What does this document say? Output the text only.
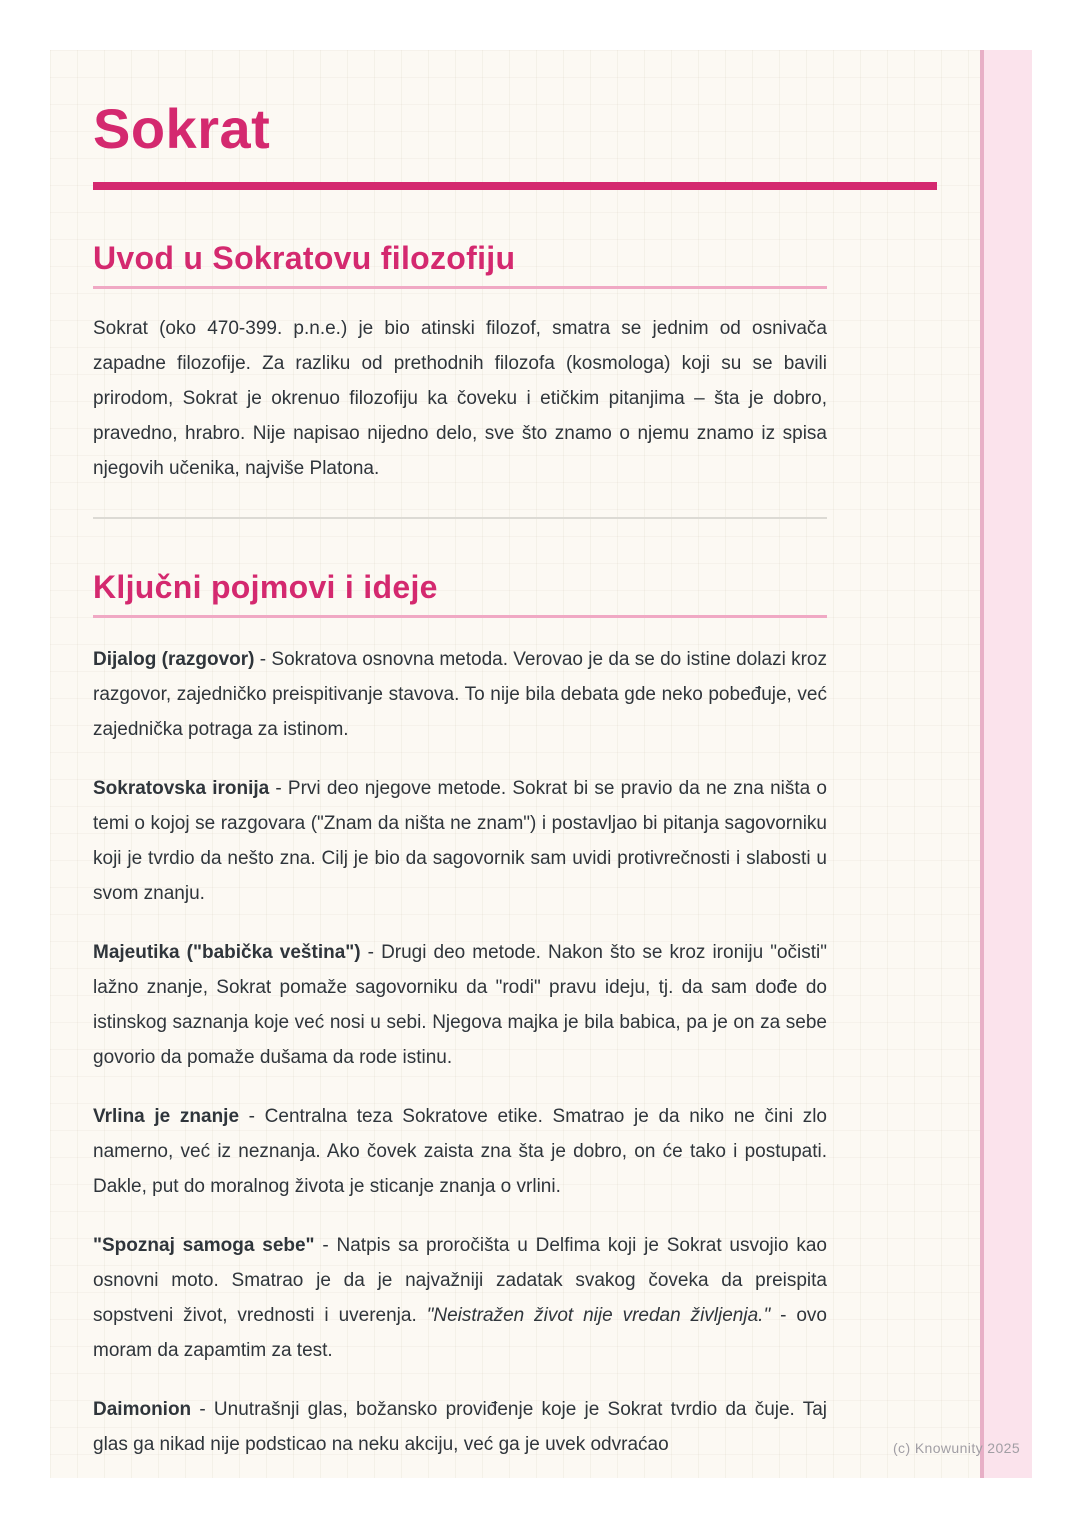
Sokrat
Uvod u Sokratovu filozofiju

Sokrat (oko 470-399. p.n.e.) je bio atinski filozof, smatra se jednim od osnivača zapadne filozofije. Za razliku od prethodnih filozofa (kosmologa) koji su se bavili prirodom, Sokrat je okrenuo filozofiju ka čoveku i etičkim pitanjima – šta je dobro, pravedno, hrabro. Nije napisao nijedno delo, sve što znamo o njemu znamo iz spisa njegovih učenika, najviše Platona.

Ključni pojmovi i ideje

Dijalog (razgovor) - Sokratova osnovna metoda. Verovao je da se do istine dolazi kroz razgovor, zajedničko preispitivanje stavova. To nije bila debata gde neko pobeđuje, već zajednička potraga za istinom.

Sokratovska ironija - Prvi deo njegove metode. Sokrat bi se pravio da ne zna ništa o temi o kojoj se razgovara ("Znam da ništa ne znam") i postavljao bi pitanja sagovorniku koji je tvrdio da nešto zna. Cilj je bio da sagovornik sam uvidi protivrečnosti i slabosti u svom znanju.

Majeutika ("babička veština") - Drugi deo metode. Nakon što se kroz ironiju "očisti" lažno znanje, Sokrat pomaže sagovorniku da "rodi" pravu ideju, tj. da sam dođe do istinskog saznanja koje već nosi u sebi. Njegova majka je bila babica, pa je on za sebe govorio da pomaže dušama da rode istinu.

Vrlina je znanje - Centralna teza Sokratove etike. Smatrao je da niko ne čini zlo namerno, već iz neznanja. Ako čovek zaista zna šta je dobro, on će tako i postupati. Dakle, put do moralnog života je sticanje znanja o vrlini.

"Spoznaj samoga sebe" - Natpis sa proročišta u Delfima koji je Sokrat usvojio kao osnovni moto. Smatrao je da je najvažniji zadatak svakog čoveka da preispita sopstveni život, vrednosti i uverenja. "Neistražen život nije vredan življenja." - ovo moram da zapamtim za test.

Daimonion - Unutrašnji glas, božansko proviđenje koje je Sokrat tvrdio da čuje. Taj glas ga nikad nije podsticao na neku akciju, već ga je uvek odvraćao	(c) Knowunity 2025
